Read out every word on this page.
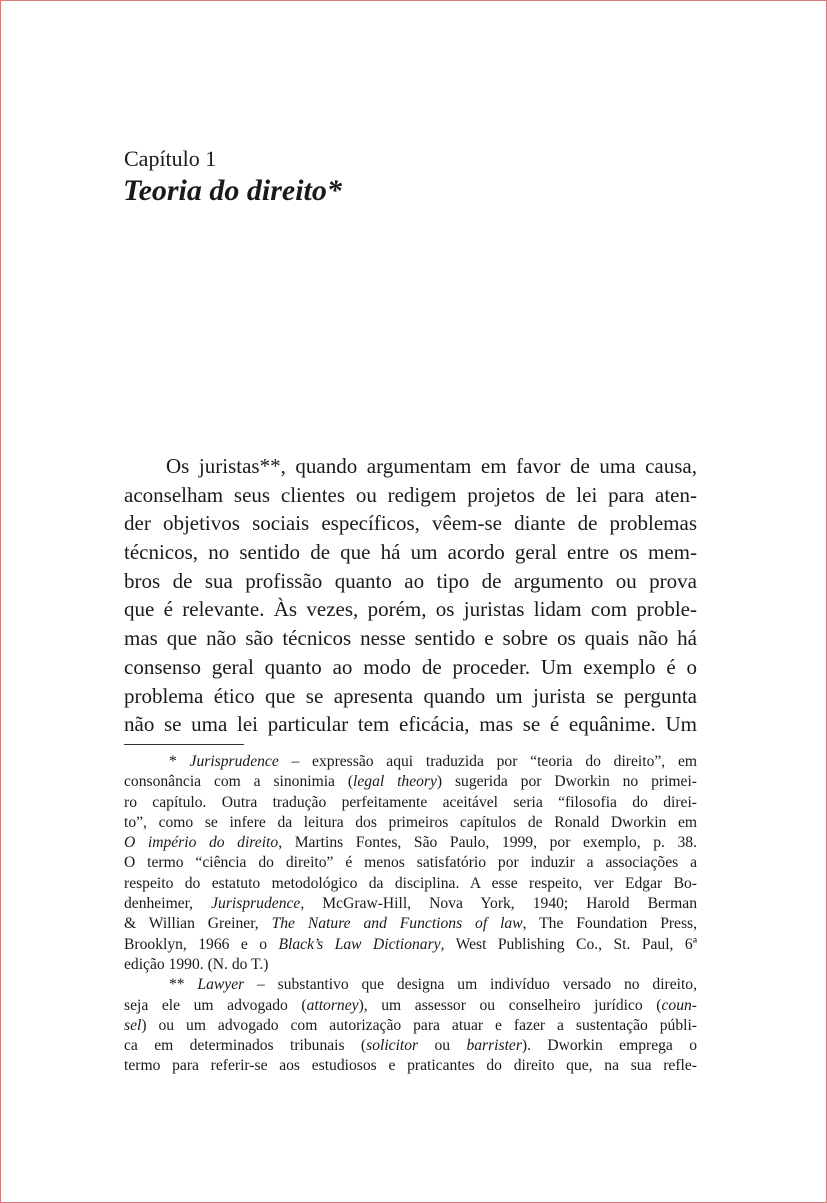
Capítulo 1
Teoria do direito*
Os juristas**, quando argumentam em favor de uma causa,
aconselham seus clientes ou redigem projetos de lei para aten-
der objetivos sociais específicos, vêem-se diante de problemas
técnicos, no sentido de que há um acordo geral entre os mem-
bros de sua profissão quanto ao tipo de argumento ou prova
que é relevante. Às vezes, porém, os juristas lidam com proble-
mas que não são técnicos nesse sentido e sobre os quais não há
consenso geral quanto ao modo de proceder. Um exemplo é o
problema ético que se apresenta quando um jurista se pergunta
não se uma lei particular tem eficácia, mas se é equânime. Um
* Jurisprudence – expressão aqui traduzida por “teoria do direito”, em
consonância com a sinonimia (legal theory) sugerida por Dworkin no primei-
ro capítulo. Outra tradução perfeitamente aceitável seria “filosofia do direi-
to”, como se infere da leitura dos primeiros capítulos de Ronald Dworkin em
O império do direito, Martins Fontes, São Paulo, 1999, por exemplo, p. 38.
O termo “ciência do direito” é menos satisfatório por induzir a associações a
respeito do estatuto metodológico da disciplina. A esse respeito, ver Edgar Bo-
denheimer, Jurisprudence, McGraw-Hill, Nova York, 1940; Harold Berman
& Willian Greiner, The Nature and Functions of law, The Foundation Press,
Brooklyn, 1966 e o Black’s Law Dictionary, West Publishing Co., St. Paul, 6ª
edição 1990. (N. do T.)
** Lawyer – substantivo que designa um indivíduo versado no direito,
seja ele um advogado (attorney), um assessor ou conselheiro jurídico (coun-
sel) ou um advogado com autorização para atuar e fazer a sustentação públi-
ca em determinados tribunais (solicitor ou barrister). Dworkin emprega o
termo para referir-se aos estudiosos e praticantes do direito que, na sua refle-
